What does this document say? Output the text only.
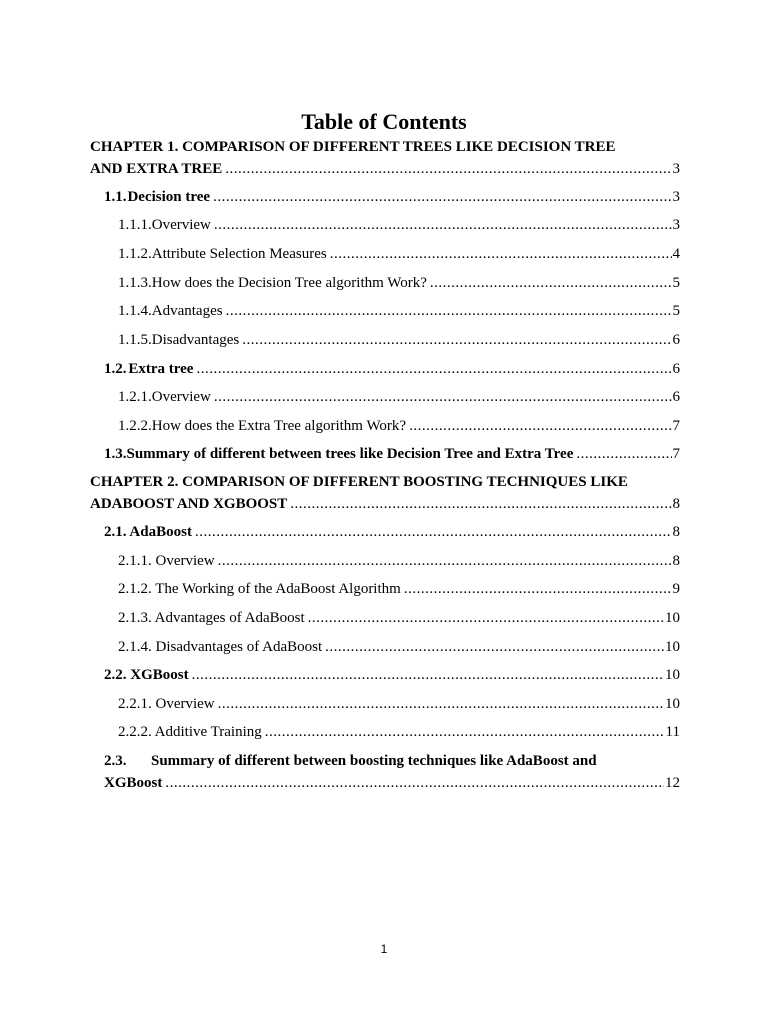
Table of Contents
CHAPTER 1. COMPARISON OF DIFFERENT TREES LIKE DECISION TREE
AND EXTRA TREE .....	3
1.1. Decision tree .....	3
1.1.1. Overview .....	3
1.1.2. Attribute Selection Measures .....	4
1.1.3. How does the Decision Tree algorithm Work? .....	5
1.1.4. Advantages .....	5
1.1.5. Disadvantages .....	6
1.2. Extra tree .....	6
1.2.1. Overview .....	6
1.2.2. How does the Extra Tree algorithm Work? .....	7
1.3. Summary of different between trees like Decision Tree and Extra Tree .....	7
CHAPTER 2. COMPARISON OF DIFFERENT BOOSTING TECHNIQUES LIKE
ADABOOST AND XGBOOST .....	8
2.1. AdaBoost .....	8
2.1.1. Overview .....	8
2.1.2. The Working of the AdaBoost Algorithm .....	9
2.1.3. Advantages of AdaBoost .....	10
2.1.4. Disadvantages of AdaBoost .....	10
2.2. XGBoost .....	10
2.2.1. Overview .....	10
2.2.2. Additive Training .....	11
2.3.	Summary of different between boosting techniques like AdaBoost and
XGBoost .....	12
1
